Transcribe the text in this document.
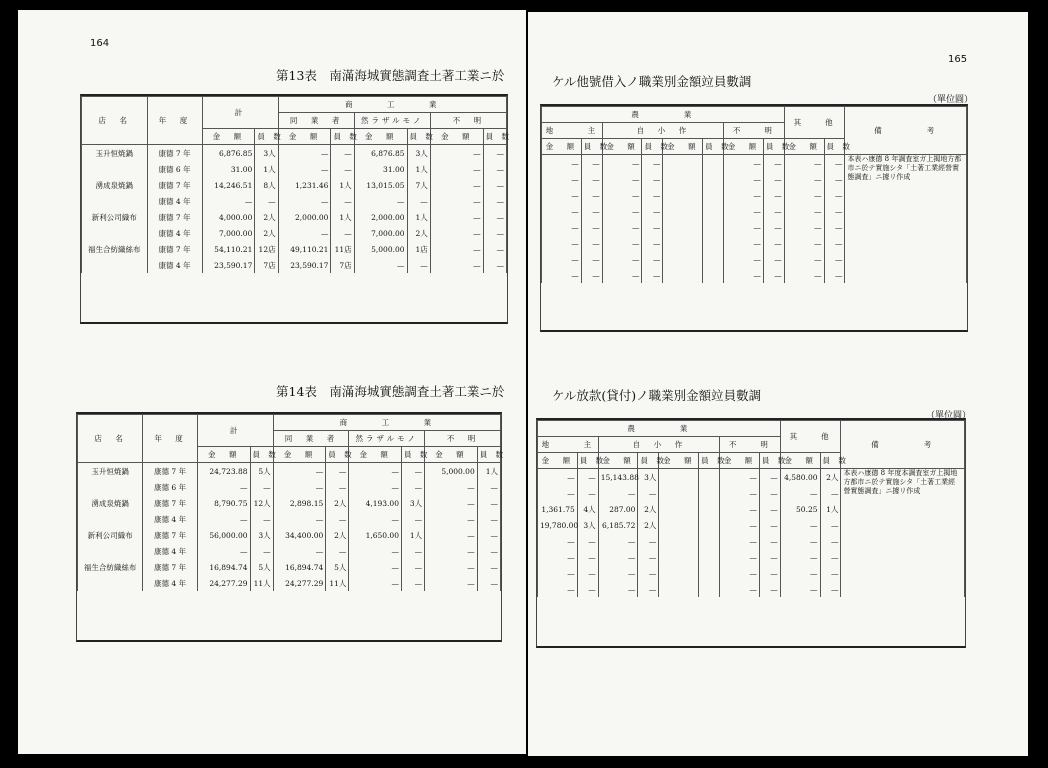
164
第13表　南滿海城實態調査土著工業ニ於
店　名	年　度	計		商　　　工　　　業					
				同　業　者		然ラザルモノ		不　明	
		金　額	員 数	金　額	員 数	金　額	員 数	金　額	員 数
玉升恒焼鍋	康德 7 年	6,876.85	3人	—	—	6,876.85	3人	—	—
	康德 6 年	31.00	1人	—	—	31.00	1人	—	—
湧成泉焼鍋	康德 7 年	14,246.51	8人	1,231.46	1人	13,015.05	7人	—	—
	康德 4 年	—	—	—	—	—	—	—	—
新利公司織布	康德 7 年	4,000.00	2人	2,000.00	1人	2,000.00	1人	—	—
	康德 4 年	7,000.00	2人	—	—	7,000.00	2人	—	—
福生合紡織絲布	康德 7 年	54,110.21	12店	49,110.21	11店	5,000.00	1店	—	—
	康德 4 年	23,590.17	7店	23,590.17	7店	—	—	—	—
第14表　南滿海城實態調査土著工業ニ於
店　名	年　度	計		商　　　工　　　業					
				同　業　者		然ラザルモノ		不　明	
		金　額	員 数	金　額	員 数	金　額	員 数	金　額	員 数
玉升恒焼鍋	康德 7 年	24,723.88	5人	—	—	—	—	5,000.00	1人
	康德 6 年	—	—	—	—	—	—	—	—
湧成泉焼鍋	康德 7 年	8,790.75	12人	2,898.15	2人	4,193.00	3人	—	—
	康德 4 年	—	—	—	—	—	—	—	—
新利公司織布	康德 7 年	56,000.00	3人	34,400.00	2人	1,650.00	1人	—	—
	康德 4 年	—	—	—	—	—	—	—	—
福生合紡織絲布	康德 7 年	16,894.74	5人	16,894.74	5人	—	—	—	—
	康德 4 年	24,277.29	11人	24,277.29	11人	—	—	—	—
165
ケル他號借入ノ職業別金額竝員數調
（單位圓）
農　　　　業								其　　他		備　　　　考
地　　　主		自　小　作				不　　明				
金　額	員 数	金　額	員 数	金　額	員 数	金　額	員 数	金　額	員 数	
—	—	—	—			—	—	—	—	本表ハ康德 8 年調査室ガ上揭地方都市ニ於テ實施シタ「土著工業經營實態調査」ニ據リ作成
—	—	—	—			—	—	—	—	
—	—	—	—			—	—	—	—	
—	—	—	—			—	—	—	—	
—	—	—	—			—	—	—	—	
—	—	—	—			—	—	—	—	
—	—	—	—			—	—	—	—	
—	—	—	—			—	—	—	—	
ケル放款(貸付)ノ職業別金額竝員數調
（單位圓）
農　　　　業								其　　他		備　　　　考
地　　　主		自　小　作				不　　明				
金　額	員 数	金　額	員 数	金　額	員 数	金　額	員 数	金　額	員 数	
—	—	15,143.88	3人			—	—	4,580.00	2人	本表ハ康德 8 年度本調査室ガ上揭地方都市ニ於テ實施シタ「土著工業經營實態調査」ニ據リ作成
—	—	—	—			—	—	—	—	
1,361.75	4人	287.00	2人			—	—	50.25	1人	
19,780.00	3人	6,185.72	2人			—	—	—	—	
—	—	—	—			—	—	—	—	
—	—	—	—			—	—	—	—	
—	—	—	—			—	—	—	—	
—	—	—	—			—	—	—	—	
